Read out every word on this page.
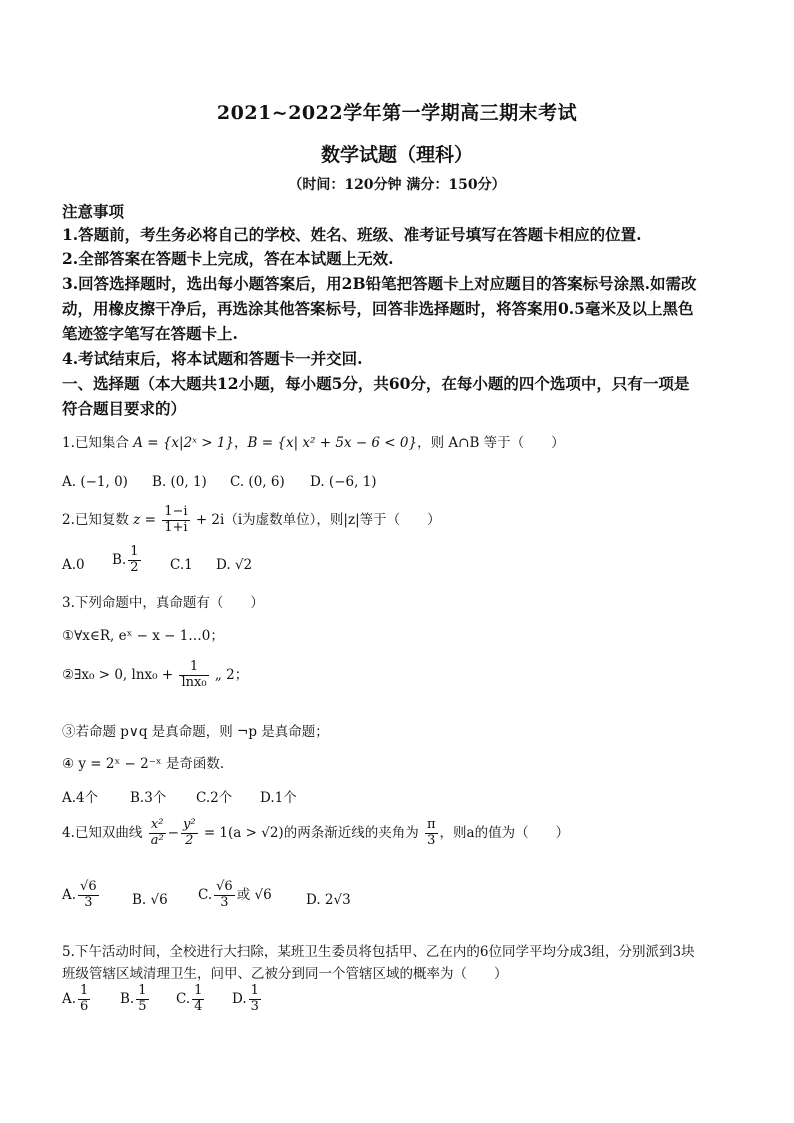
2021~2022学年第一学期高三期末考试
数学试题（理科）
（时间：120分钟 满分：150分）
注意事项
1.答题前，考生务必将自己的学校、姓名、班级、准考证号填写在答题卡相应的位置.
2.全部答案在答题卡上完成，答在本试题上无效.
3.回答选择题时，选出每小题答案后，用2B铅笔把答题卡上对应题目的答案标号涂黑.如需改
动，用橡皮擦干净后，再选涂其他答案标号，回答非选择题时，将答案用0.5毫米及以上黑色
笔迹签字笔写在答题卡上.
4.考试结束后，将本试题和答题卡一并交回.
一、选择题（本大题共12小题，每小题5分，共60分，在每小题的四个选项中，只有一项是
符合题目要求的）
1.已知集合 A = {x|2ˣ > 1}，B = {x| x² + 5x − 6 < 0}，则 A∩B 等于（　　）
A. (−1, 0) B. (0, 1) C. (0, 6) D. (−6, 1)
2.已知复数 $z = \frac{1-i}{1+i} + 2i(i$为虚数单位），则|z|等于（　　）
A.0 B. $\frac{1}{2} C.1$ D. √2
3.下列命题中，真命题有（　　）
①∀x∈R, eˣ − x − 1…0；
②∃x₀ > 0, $\ln x_0 + \frac{1}{\text{lnx₀}}$ „ 2；
③若命题 p∨q 是真命题，则 ¬p 是真命题；
④ y = 2ˣ − 2⁻ˣ 是奇函数.
A.4个 B.3个 C.2个 D.1个
4.已知双曲线 $\frac{\text{x²}}{\text{a²}} - \frac{\text{y²}}{2} = 1(a > √2)$的两条渐近线的夹角为 $\frac{\pi}{3}$ ，则a的值为（　　）
A. $\frac{√6}{3} B$. √6 C. $\frac{√6}{3}$ 或 √6	D. 2√3
5.下午活动时间，全校进行大扫除，某班卫生委员将包括甲、乙在内的6位同学平均分成3组，分别派到3块
班级管辖区域清理卫生，问甲、乙被分到同一个管辖区域的概率为（　　）
A. $\frac{1}{6} B$. $\frac{1}{5} C$. $\frac{1}{4} D$. $\frac{1}{3}$
